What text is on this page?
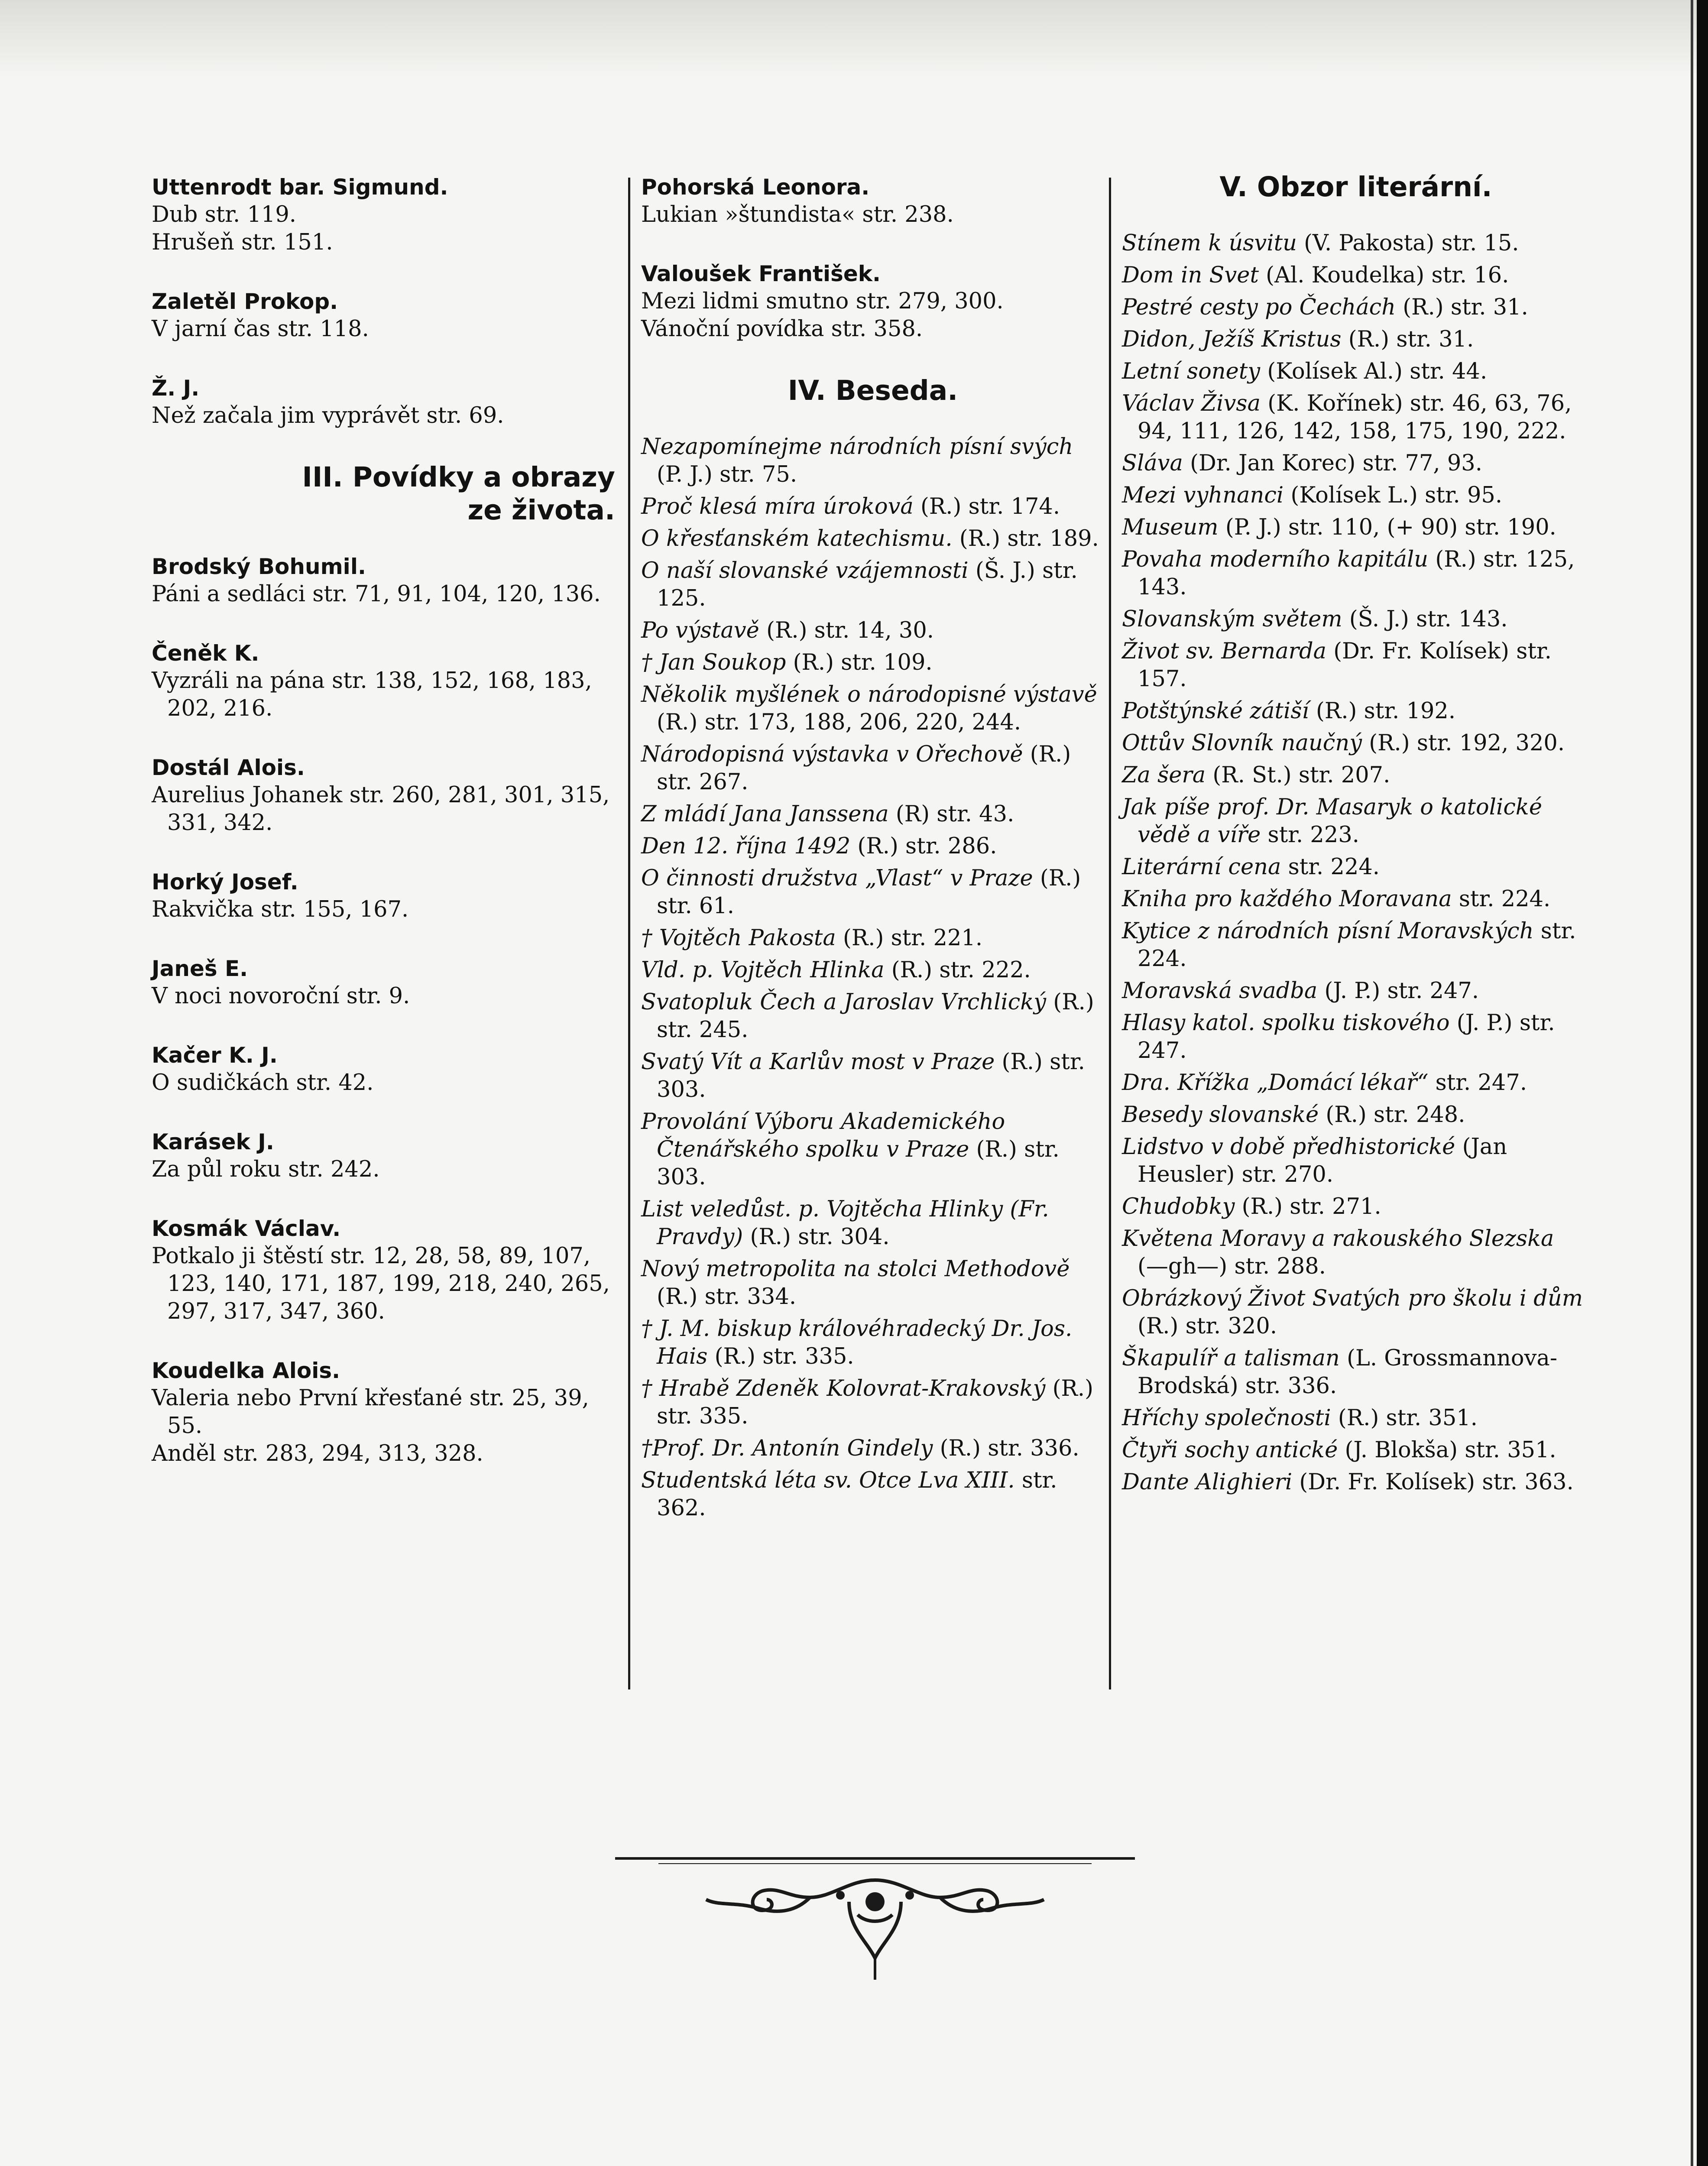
Uttenrodt bar. Sigmund.

Dub str. 119.

Hrušeň str. 151.

Zaletěl Prokop.

V jarní čas str. 118.

Ž. J.

Než začala jim vyprávět str. 69.

III. Povídky a obrazy
ze života.

Brodský Bohumil.

Páni a sedláci str. 71, 91, 104, 120, 136.

Čeněk K.

Vyzráli na pána str. 138, 152, 168, 183, 202, 216.

Dostál Alois.

Aurelius Johanek str. 260, 281, 301, 315, 331, 342.

Horký Josef.

Rakvička str. 155, 167.

Janeš E.

V noci novoroční str. 9.

Kačer K. J.

O sudičkách str. 42.

Karásek J.

Za půl roku str. 242.

Kosmák Václav.

Potkalo ji štěstí str. 12, 28, 58, 89, 107, 123, 140, 171, 187, 199, 218, 240, 265, 297, 317, 347, 360.

Koudelka Alois.

Valeria nebo První křesťané str. 25, 39, 55.

Anděl str. 283, 294, 313, 328.

Pohorská Leonora.

Lukian »štundista« str. 238.

Valoušek František.

Mezi lidmi smutno str. 279, 300.

Vánoční povídka str. 358.

IV. Beseda.

Nezapomínejme národních písní svých (P. J.) str. 75.

Proč klesá míra úroková (R.) str. 174.

O křesťanském katechismu. (R.) str. 189.

O naší slovanské vzájemnosti (Š. J.) str. 125.

Po výstavě (R.) str. 14, 30.

† Jan Soukop (R.) str. 109.

Několik myšlének o národopisné výstavě (R.) str. 173, 188, 206, 220, 244.

Národopisná výstavka v Ořechově (R.) str. 267.

Z mládí Jana Janssena (R) str. 43.

Den 12. října 1492 (R.) str. 286.

O činnosti družstva „Vlast“ v Praze (R.) str. 61.

† Vojtěch Pakosta (R.) str. 221.

Vld. p. Vojtěch Hlinka (R.) str. 222.

Svatopluk Čech a Jaroslav Vrchlický (R.) str. 245.

Svatý Vít a Karlův most v Praze (R.) str. 303.

Provolání Výboru Akademického Čtenářského spolku v Praze (R.) str. 303.

List veledůst. p. Vojtěcha Hlinky (Fr. Pravdy) (R.) str. 304.

Nový metropolita na stolci Methodově (R.) str. 334.

† J. M. biskup královéhradecký Dr. Jos. Hais (R.) str. 335.

† Hrabě Zdeněk Kolovrat-Krakovský (R.) str. 335.

†Prof. Dr. Antonín Gindely (R.) str. 336.

Studentská léta sv. Otce Lva XIII. str. 362.

V. Obzor literární.

Stínem k úsvitu (V. Pakosta) str. 15.

Dom in Svet (Al. Koudelka) str. 16.

Pestré cesty po Čechách (R.) str. 31.

Didon, Ježíš Kristus (R.) str. 31.

Letní sonety (Kolísek Al.) str. 44.

Václav Živsa (K. Kořínek) str. 46, 63, 76, 94, 111, 126, 142, 158, 175, 190, 222.

Sláva (Dr. Jan Korec) str. 77, 93.

Mezi vyhnanci (Kolísek L.) str. 95.

Museum (P. J.) str. 110, (+ 90) str. 190.

Povaha moderního kapitálu (R.) str. 125, 143.

Slovanským světem (Š. J.) str. 143.

Život sv. Bernarda (Dr. Fr. Kolísek) str. 157.

Potštýnské zátiší (R.) str. 192.

Ottův Slovník naučný (R.) str. 192, 320.

Za šera (R. St.) str. 207.

Jak píše prof. Dr. Masaryk o katolické vědě a víře str. 223.

Literární cena str. 224.

Kniha pro každého Moravana str. 224.

Kytice z národních písní Moravských str. 224.

Moravská svadba (J. P.) str. 247.

Hlasy katol. spolku tiskového (J. P.) str. 247.

Dra. Křížka „Domácí lékař“ str. 247.

Besedy slovanské (R.) str. 248.

Lidstvo v době předhistorické (Jan Heusler) str. 270.

Chudobky (R.) str. 271.

Květena Moravy a rakouského Slezska (—gh—) str. 288.

Obrázkový Život Svatých pro školu i dům (R.) str. 320.

Škapulíř a talisman (L. Grossmannova-Brodská) str. 336.

Hříchy společnosti (R.) str. 351.

Čtyři sochy antické (J. Blokša) str. 351.

Dante Alighieri (Dr. Fr. Kolísek) str. 363.
